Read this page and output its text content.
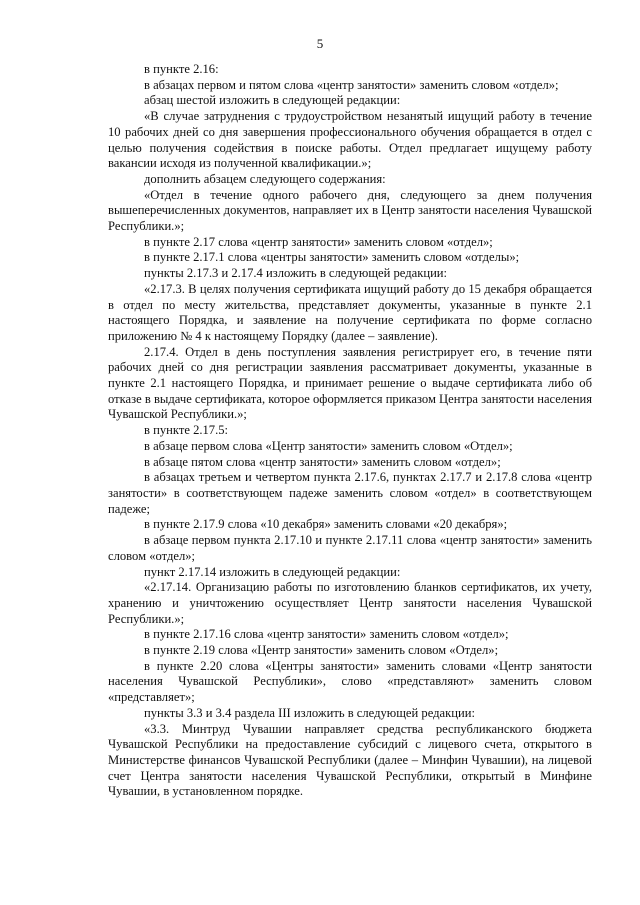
5

в пункте 2.16:

в абзацах первом и пятом слова «центр занятости» заменить словом «отдел»;

абзац шестой изложить в следующей редакции:

«В случае затруднения с трудоустройством незанятый ищущий работу в течение 10 рабочих дней со дня завершения профессионального обучения обращается в отдел с целью получения содействия в поиске работы. Отдел предлагает ищущему работу вакансии исходя из полученной квалификации.»;

дополнить абзацем следующего содержания:

«Отдел в течение одного рабочего дня, следующего за днем получения вышеперечисленных документов, направляет их в Центр занятости населения Чувашской Республики.»;

в пункте 2.17 слова «центр занятости» заменить словом «отдел»;

в пункте 2.17.1 слова «центры занятости» заменить словом «отделы»;

пункты 2.17.3 и 2.17.4 изложить в следующей редакции:

«2.17.3. В целях получения сертификата ищущий работу до 15 декабря обращается в отдел по месту жительства, представляет документы, указанные в пункте 2.1 настоящего Порядка, и заявление на получение сертификата по форме согласно приложению № 4 к настоящему Порядку (далее – заявление).

2.17.4. Отдел в день поступления заявления регистрирует его, в течение пяти рабочих дней со дня регистрации заявления рассматривает документы, указанные в пункте 2.1 настоящего Порядка, и принимает решение о выдаче сертификата либо об отказе в выдаче сертификата, которое оформляется приказом Центра занятости населения Чувашской Республики.»;

в пункте 2.17.5:

в абзаце первом слова «Центр занятости» заменить словом «Отдел»;

в абзаце пятом слова «центр занятости» заменить словом «отдел»;

в абзацах третьем и четвертом пункта 2.17.6, пунктах 2.17.7 и 2.17.8 слова «центр занятости» в соответствующем падеже заменить словом «отдел» в соответствующем падеже;

в пункте 2.17.9 слова «10 декабря» заменить словами «20 декабря»;

в абзаце первом пункта 2.17.10 и пункте 2.17.11 слова «центр занятости» заменить словом «отдел»;

пункт 2.17.14 изложить в следующей редакции:

«2.17.14. Организацию работы по изготовлению бланков сертификатов, их учету, хранению и уничтожению осуществляет Центр занятости населения Чувашской Республики.»;

в пункте 2.17.16 слова «центр занятости» заменить словом «отдел»;

в пункте 2.19 слова «Центр занятости» заменить словом «Отдел»;

в пункте 2.20 слова «Центры занятости» заменить словами «Центр занятости населения Чувашской Республики», слово «представляют» заменить словом «представляет»;

пункты 3.3 и 3.4 раздела III изложить в следующей редакции:

«3.3. Минтруд Чувашии направляет средства республиканского бюджета Чувашской Республики на предоставление субсидий с лицевого счета, открытого в Министерстве финансов Чувашской Республики (далее – Минфин Чувашии), на лицевой счет Центра занятости населения Чувашской Республики, открытый в Минфине Чувашии, в установленном порядке.
